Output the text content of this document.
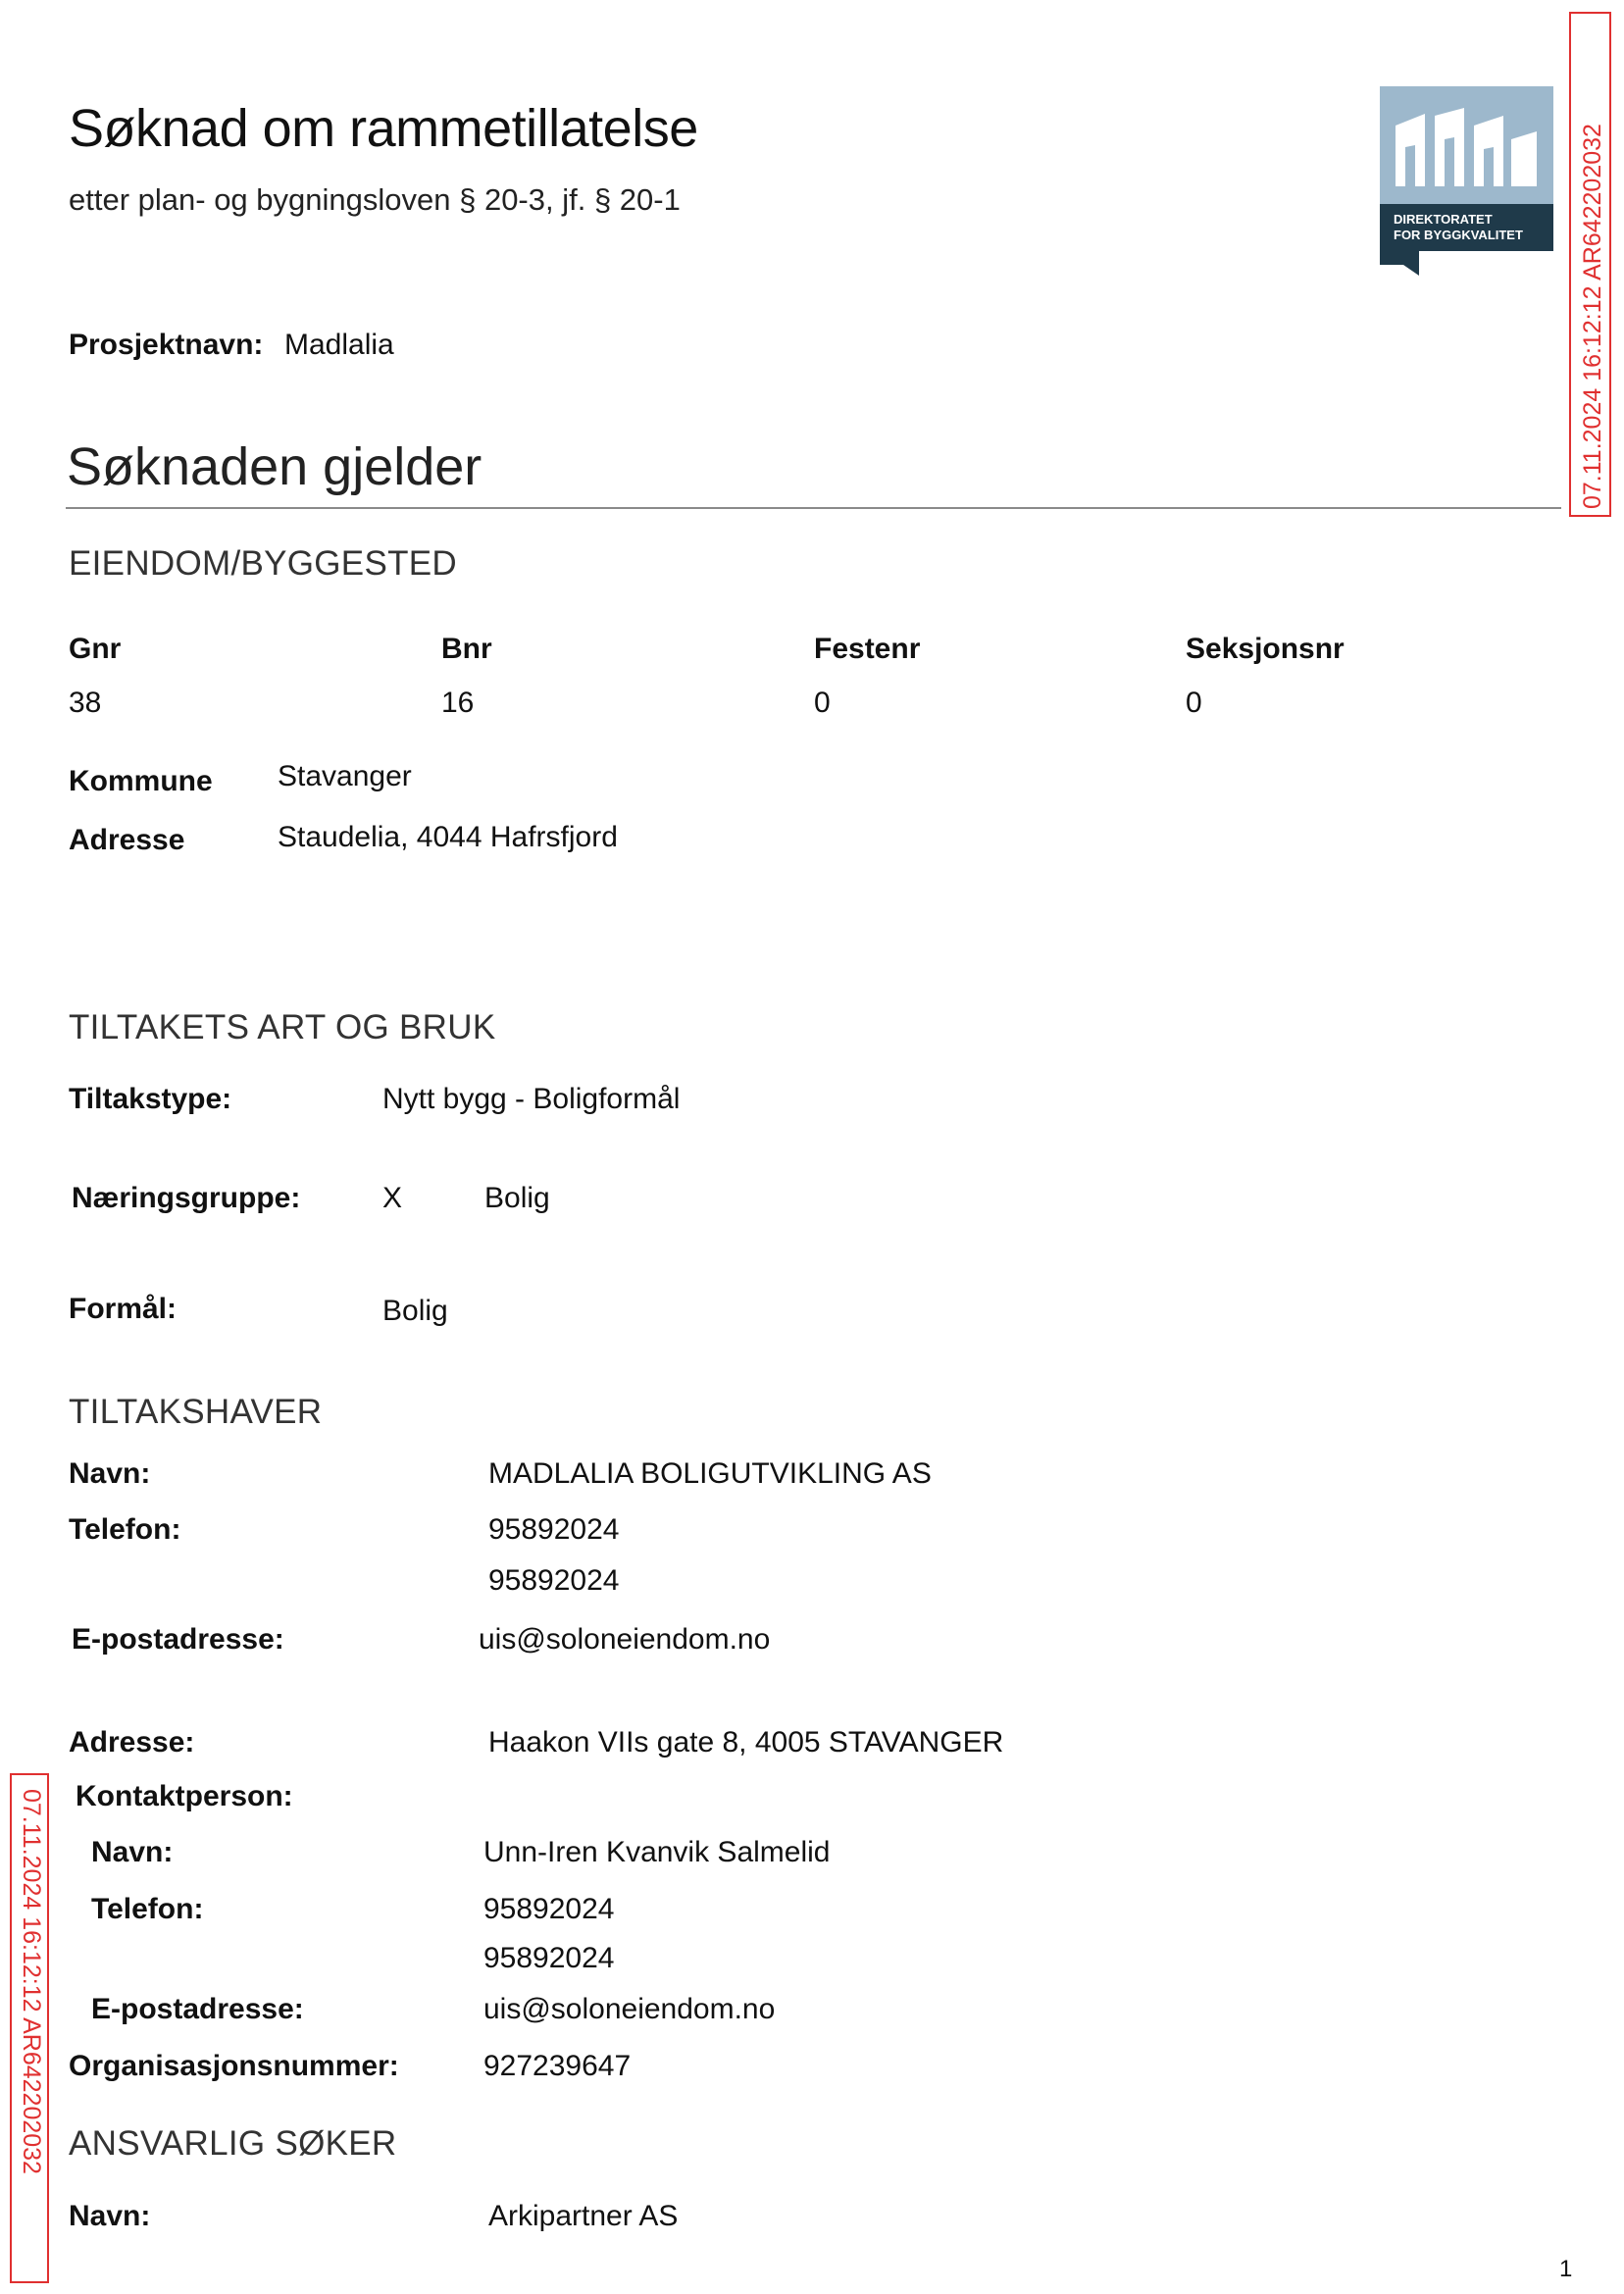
Søknad om rammetillatelse
etter plan- og bygningsloven § 20-3, jf. § 20-1
DIREKTORATET
FOR BYGGKVALITET 07.11.2024 16:12:12 AR642202032
07.11.2024 16:12:12 AR642202032
Prosjektnavn: Madlalia
Søknaden gjelder
EIENDOM/BYGGESTED
Gnr	Bnr	Festenr	Seksjonsnr
38	16	0	0
Kommune Stavanger
Adresse	Staudelia, 4044 Hafrsfjord
TILTAKETS ART OG BRUK
Tiltakstype:	Nytt bygg - Boligformål
Næringsgruppe:	X	Bolig
Formål:	Bolig
TILTAKSHAVER
Navn:	MADLALIA BOLIGUTVIKLING AS
Telefon:	95892024
95892024
E-postadresse:	uis@soloneiendom.no
Adresse:	Haakon VIIs gate 8, 4005 STAVANGER
Kontaktperson:
Navn:	Unn-Iren Kvanvik Salmelid
Telefon:	95892024
95892024
E-postadresse:	uis@soloneiendom.no
Organisasjonsnummer:	927239647
ANSVARLIG SØKER
Navn:	Arkipartner AS
1
